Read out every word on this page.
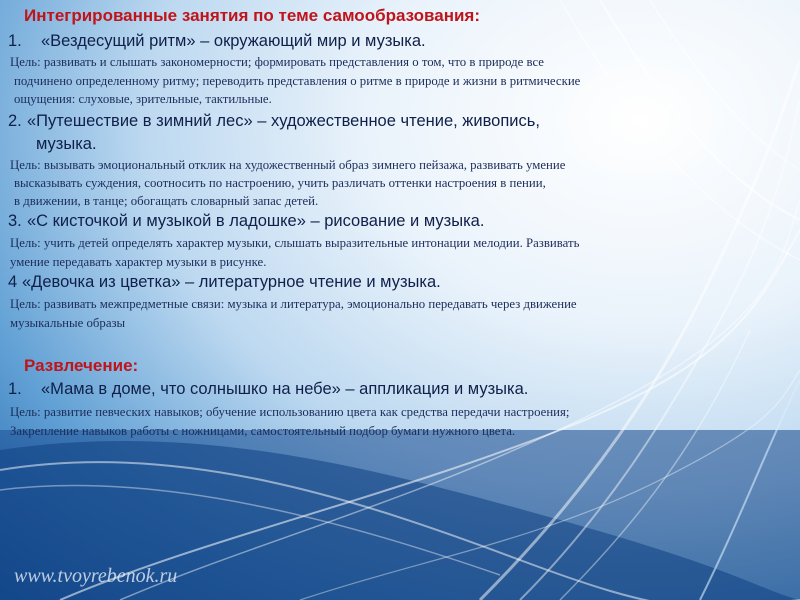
Интегрированные занятия по теме самообразования:
1. «Вездесущий ритм» – окружающий мир и музыка.
Цель: развивать и слышать закономерности; формировать представления о том, что в природе все
подчинено определенному ритму; переводить представления о ритме в природе и жизни в ритмические
ощущения: слуховые, зрительные, тактильные.
2. «Путешествие в зимний лес» – художественное чтение, живопись,
музыка.
Цель: вызывать эмоциональный отклик на художественный образ зимнего пейзажа, развивать умение
высказывать суждения, соотносить по настроению, учить различать оттенки настроения в пении,
в движении, в танце; обогащать словарный запас детей.
3. «С кисточкой и музыкой в ладошке» – рисование и музыка.
Цель: учить детей определять характер музыки, слышать выразительные интонации мелодии. Развивать
умение передавать характер музыки в рисунке.
4 «Девочка из цветка» – литературное чтение и музыка.
Цель: развивать межпредметные связи: музыка и литература, эмоционально передавать через движение
музыкальные образы
Развлечение:
1. «Мама в доме, что солнышко на небе» – аппликация и музыка.
Цель: развитие певческих навыков; обучение использованию цвета как средства передачи настроения;
Закрепление навыков работы с ножницами, самостоятельный подбор бумаги нужного цвета.
www.tvoyrebenok.ru
